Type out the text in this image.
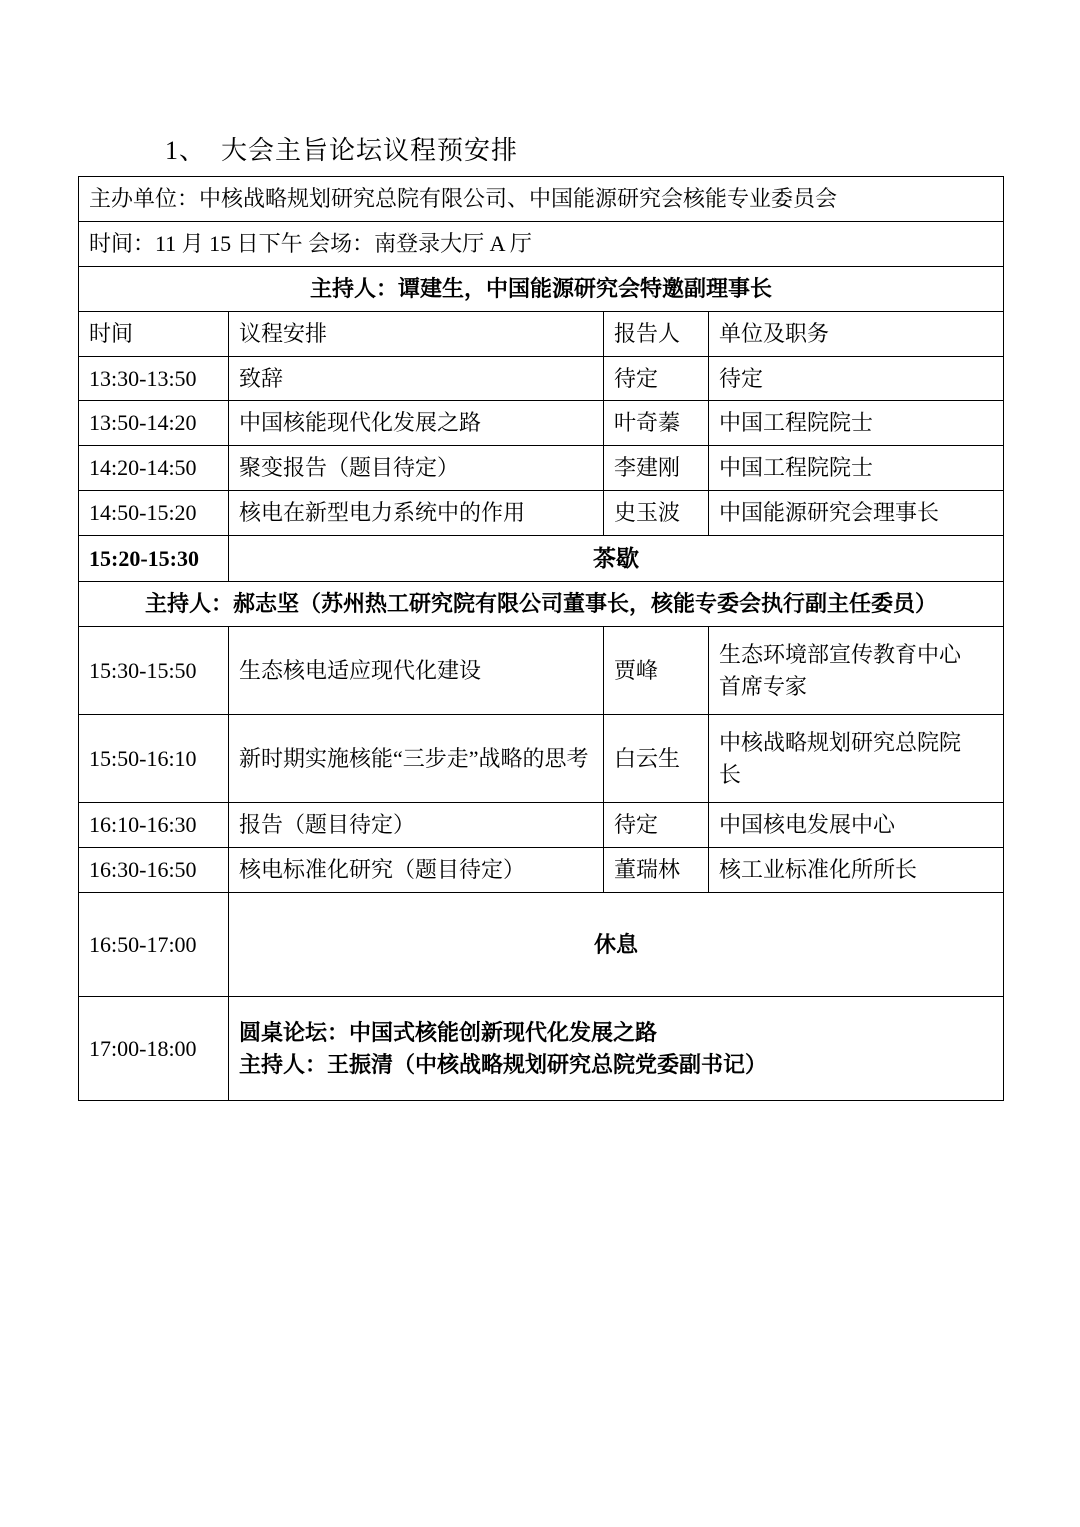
1、  大会主旨论坛议程预安排
主办单位：中核战略规划研究总院有限公司、中国能源研究会核能专业委员会			
时间：11 月 15 日下午 会场：南登录大厅 A 厅			
主持人：谭建生，中国能源研究会特邀副理事长			
时间	议程安排	报告人	单位及职务
13:30-13:50	致辞	待定	待定
13:50-14:20	中国核能现代化发展之路	叶奇蓁	中国工程院院士
14:20-14:50	聚变报告（题目待定）	李建刚	中国工程院院士
14:50-15:20	核电在新型电力系统中的作用	史玉波	中国能源研究会理事长
15:20-15:30	茶歇		
主持人：郝志坚（苏州热工研究院有限公司董事长，核能专委会执行副主任委员）			
15:30-15:50	生态核电适应现代化建设	贾峰	生态环境部宣传教育中心
首席专家

15:50-16:10	新时期实施核能“三步走”战略的思考	白云生	中核战略规划研究总院院
长

16:10-16:30	报告（题目待定）	待定	中国核电发展中心
16:30-16:50	核电标准化研究（题目待定）	董瑞林	核工业标准化所所长
16:50-17:00	休息		
17:00-18:00	圆桌论坛：中国式核能创新现代化发展之路
主持人：王振清（中核战略规划研究总院党委副书记）		
